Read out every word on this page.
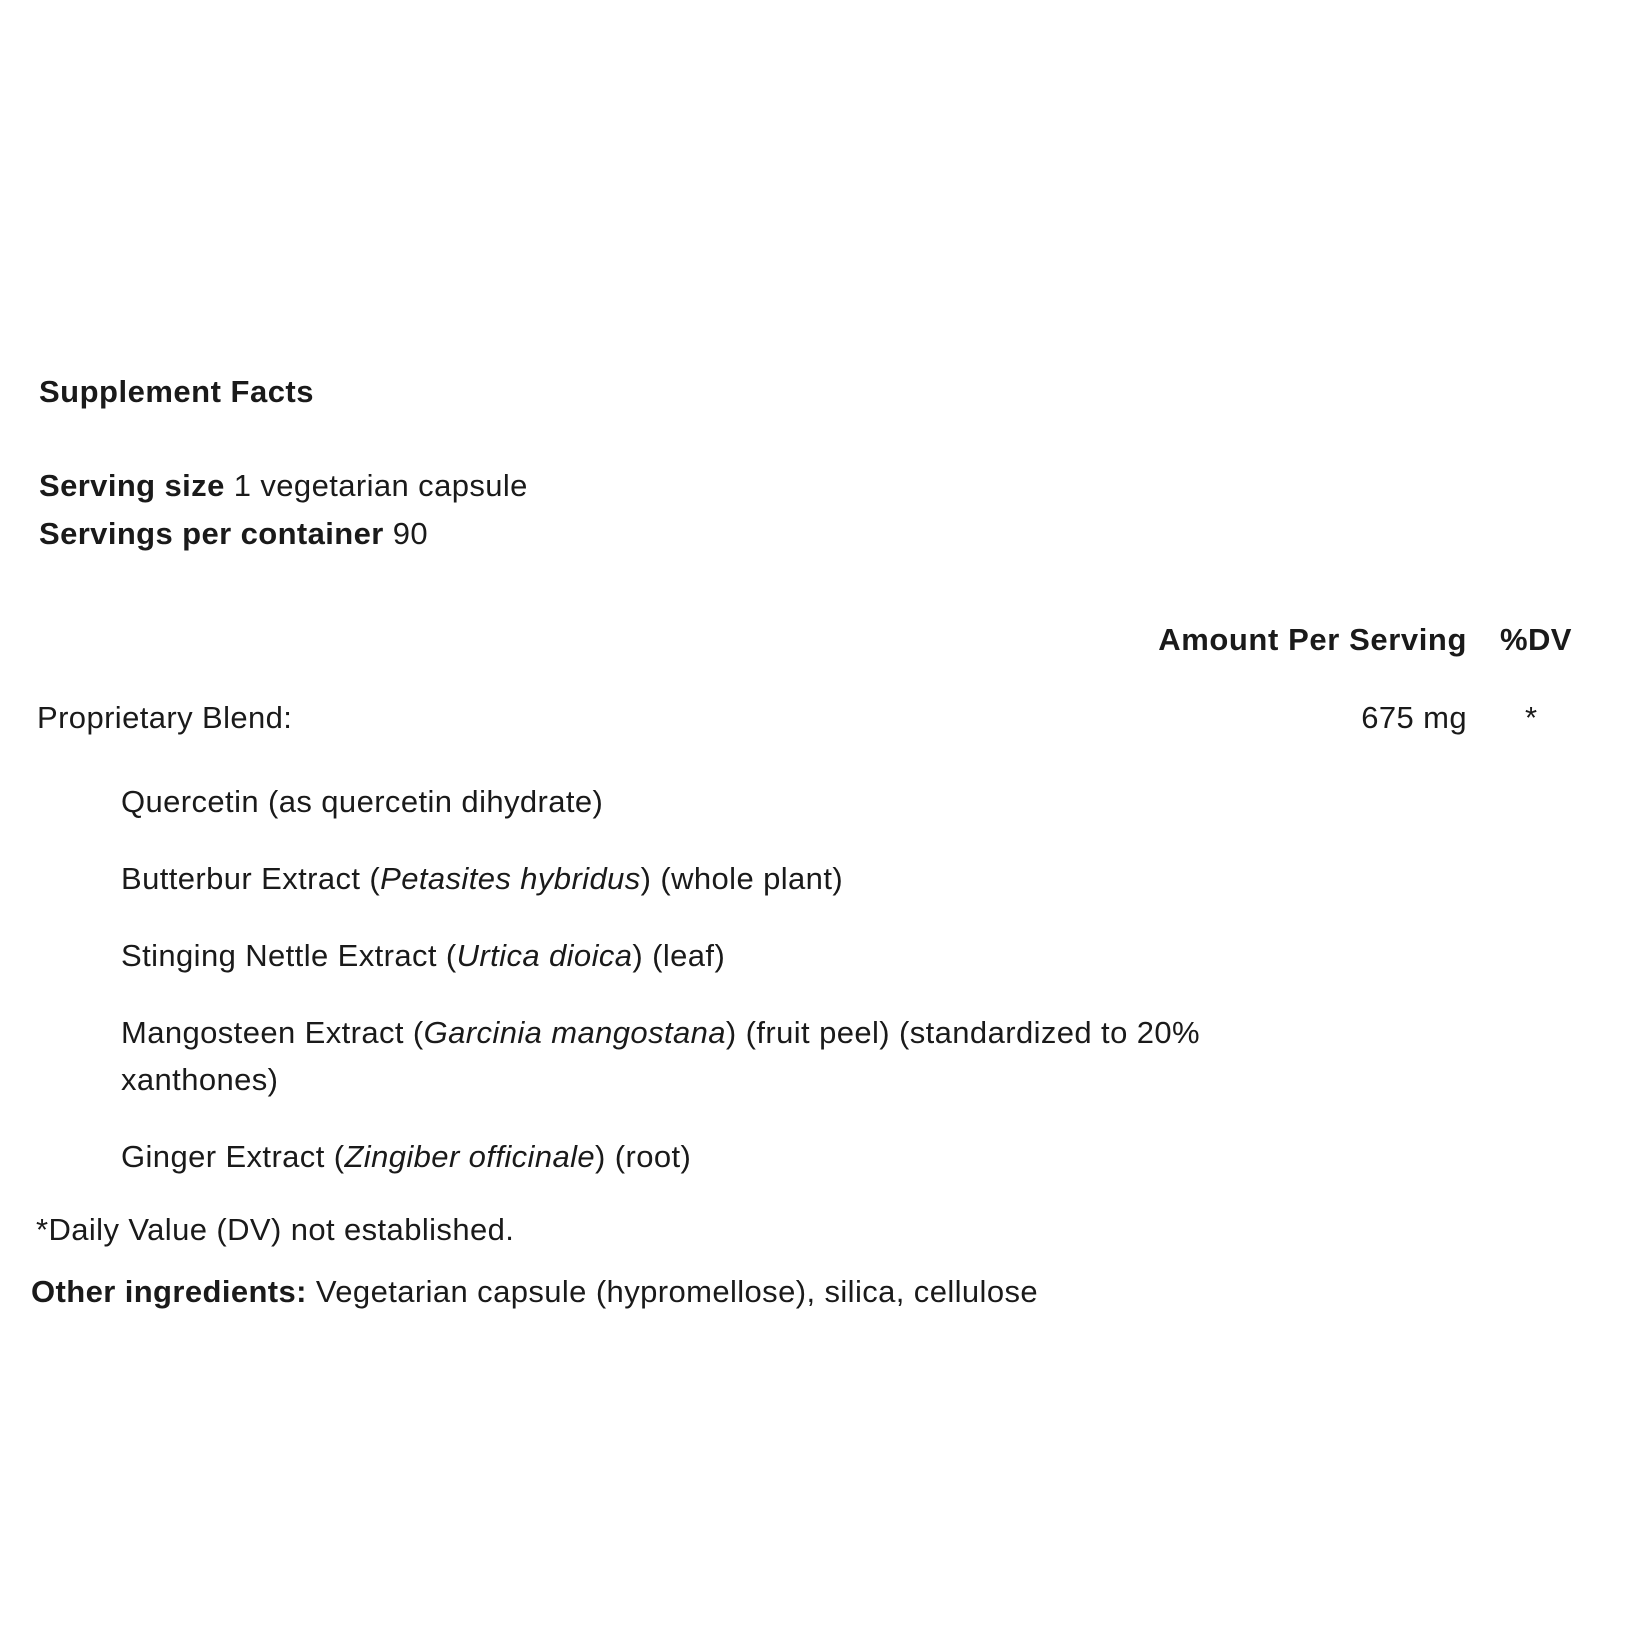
Supplement Facts
Serving size 1 vegetarian capsule
Servings per container 90
Amount Per Serving %DV
Proprietary Blend:	675 mg *
Quercetin (as quercetin dihydrate)
Butterbur Extract (Petasites hybridus) (whole plant)
Stinging Nettle Extract (Urtica dioica) (leaf)
Mangosteen Extract (Garcinia mangostana) (fruit peel) (standardized to 20% xanthones)
Ginger Extract (Zingiber officinale) (root)
*Daily Value (DV) not established.
Other ingredients: Vegetarian capsule (hypromellose), silica, cellulose
